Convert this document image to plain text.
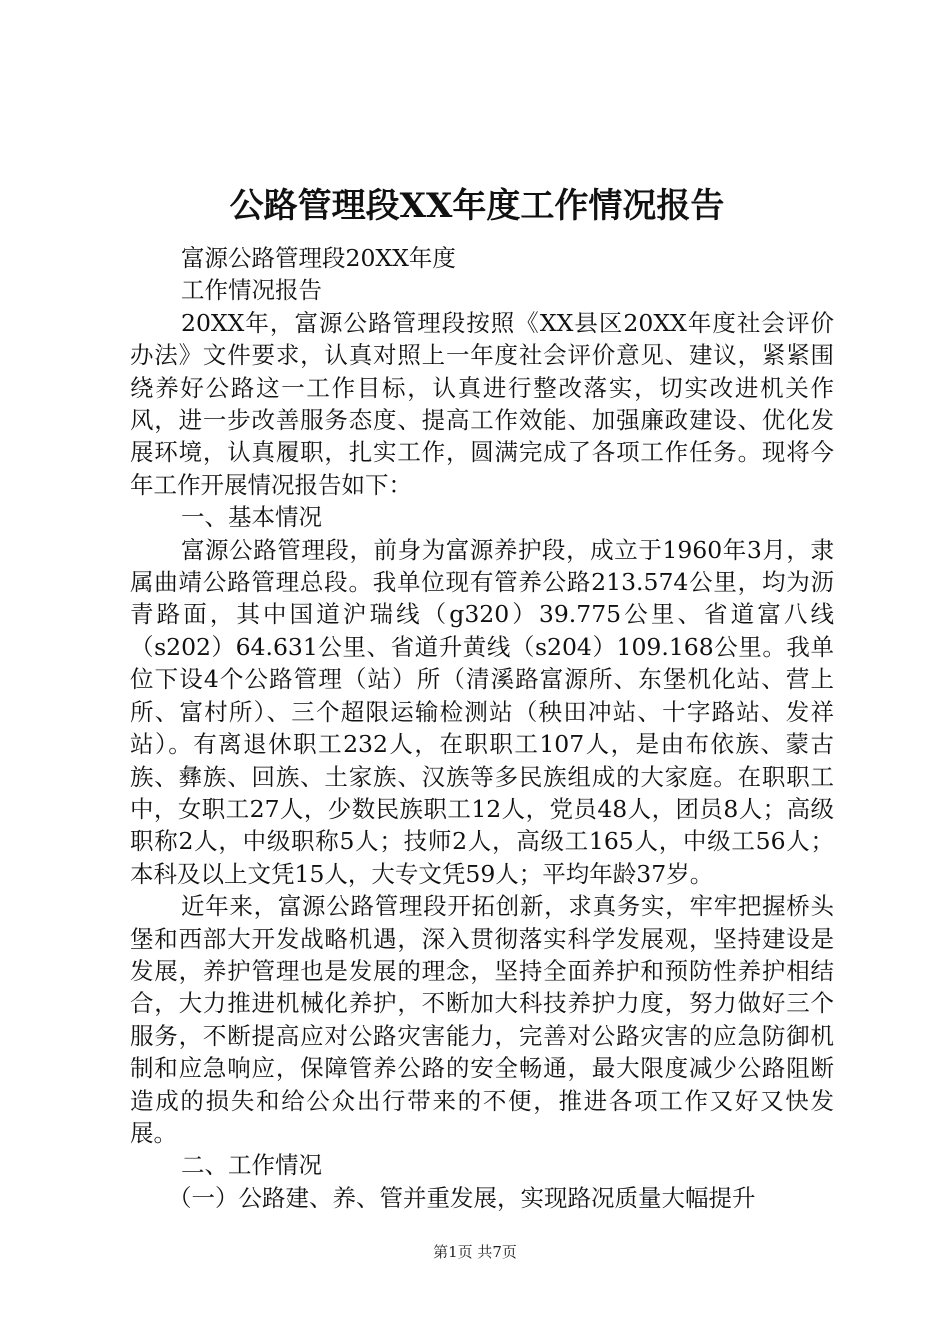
公路管理段XX年度工作情况报告

富源公路管理段20XX年度

工作情况报告

20XX年，富源公路管理段按照《XX县区20XX年度社会评价办法》文件要求，认真对照上一年度社会评价意见、建议，紧紧围绕养好公路这一工作目标，认真进行整改落实，切实改进机关作风，进一步改善服务态度、提高工作效能、加强廉政建设、优化发展环境，认真履职，扎实工作，圆满完成了各项工作任务。现将今年工作开展情况报告如下：

一、基本情况

富源公路管理段，前身为富源养护段，成立于1960年3月，隶属曲靖公路管理总段。我单位现有管养公路213.574公里，均为沥青路面，其中国道沪瑞线（g320）39.775公里、省道富八线（s202）64.631公里、省道升黄线（s204）109.168公里。我单位下设4个公路管理（站）所（清溪路富源所、东堡机化站、营上所、富村所）、三个超限运输检测站（秧田冲站、十字路站、发祥站）。有离退休职工232人，在职职工107人，是由布依族、蒙古族、彝族、回族、土家族、汉族等多民族组成的大家庭。在职职工中，女职工27人，少数民族职工12人，党员48人，团员8人；高级职称2人，中级职称5人；技师2人，高级工165人，中级工56人；本科及以上文凭15人，大专文凭59人；平均年龄37岁。

近年来，富源公路管理段开拓创新，求真务实，牢牢把握桥头堡和西部大开发战略机遇，深入贯彻落实科学发展观，坚持建设是发展，养护管理也是发展的理念，坚持全面养护和预防性养护相结合，大力推进机械化养护，不断加大科技养护力度，努力做好三个服务，不断提高应对公路灾害能力，完善对公路灾害的应急防御机制和应急响应，保障管养公路的安全畅通，最大限度减少公路阻断造成的损失和给公众出行带来的不便，推进各项工作又好又快发展。

二、工作情况

（一）公路建、养、管并重发展，实现路况质量大幅提升

第1页 共7页
